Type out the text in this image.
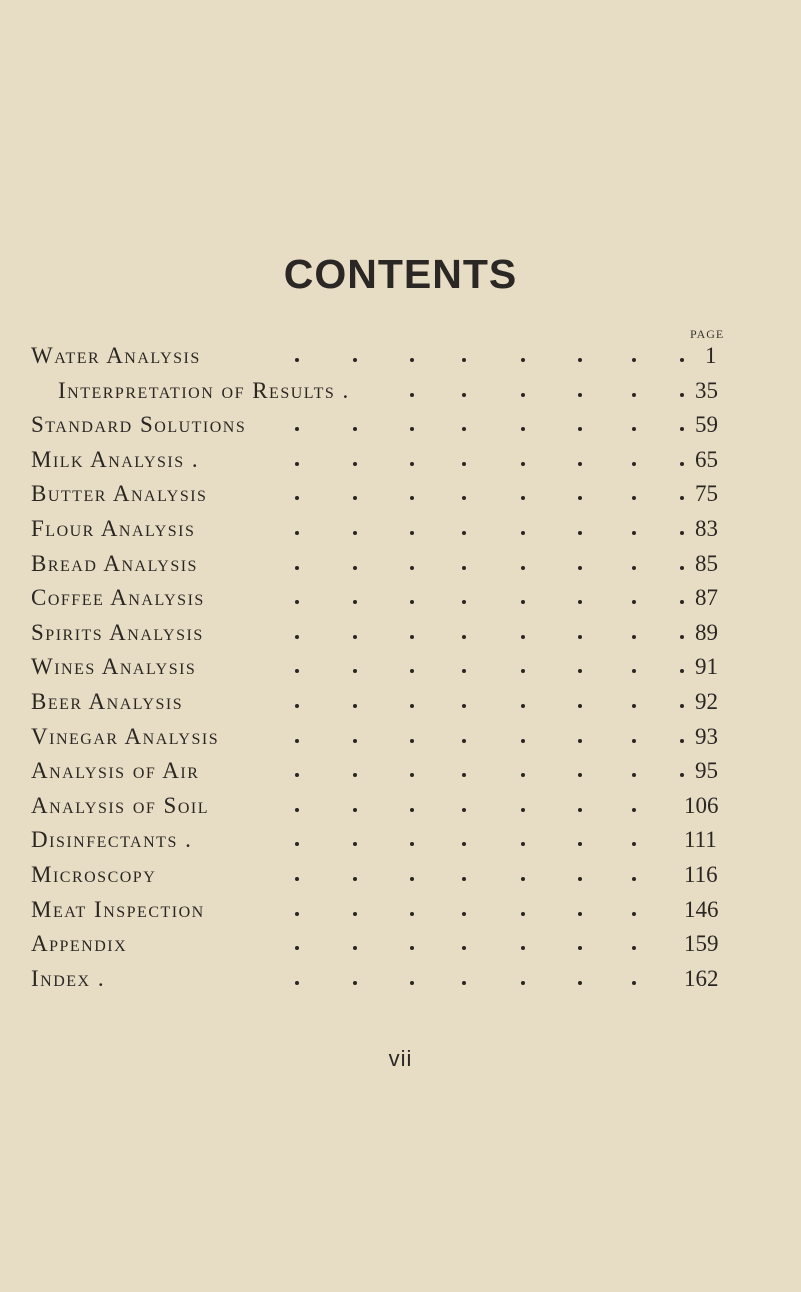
CONTENTS
PAGE
Water Analysis	1
Interpretation of Results .	35
Standard Solutions	59
Milk Analysis .	65
Butter Analysis	75
Flour Analysis	83
Bread Analysis	85
Coffee Analysis	87
Spirits Analysis	89
Wines Analysis	91
Beer Analysis	92
Vinegar Analysis	93
Analysis of Air	95
Analysis of Soil	106
Disinfectants .	111
Microscopy	116
Meat Inspection	146
Appendix	159
Index .	162
vii
